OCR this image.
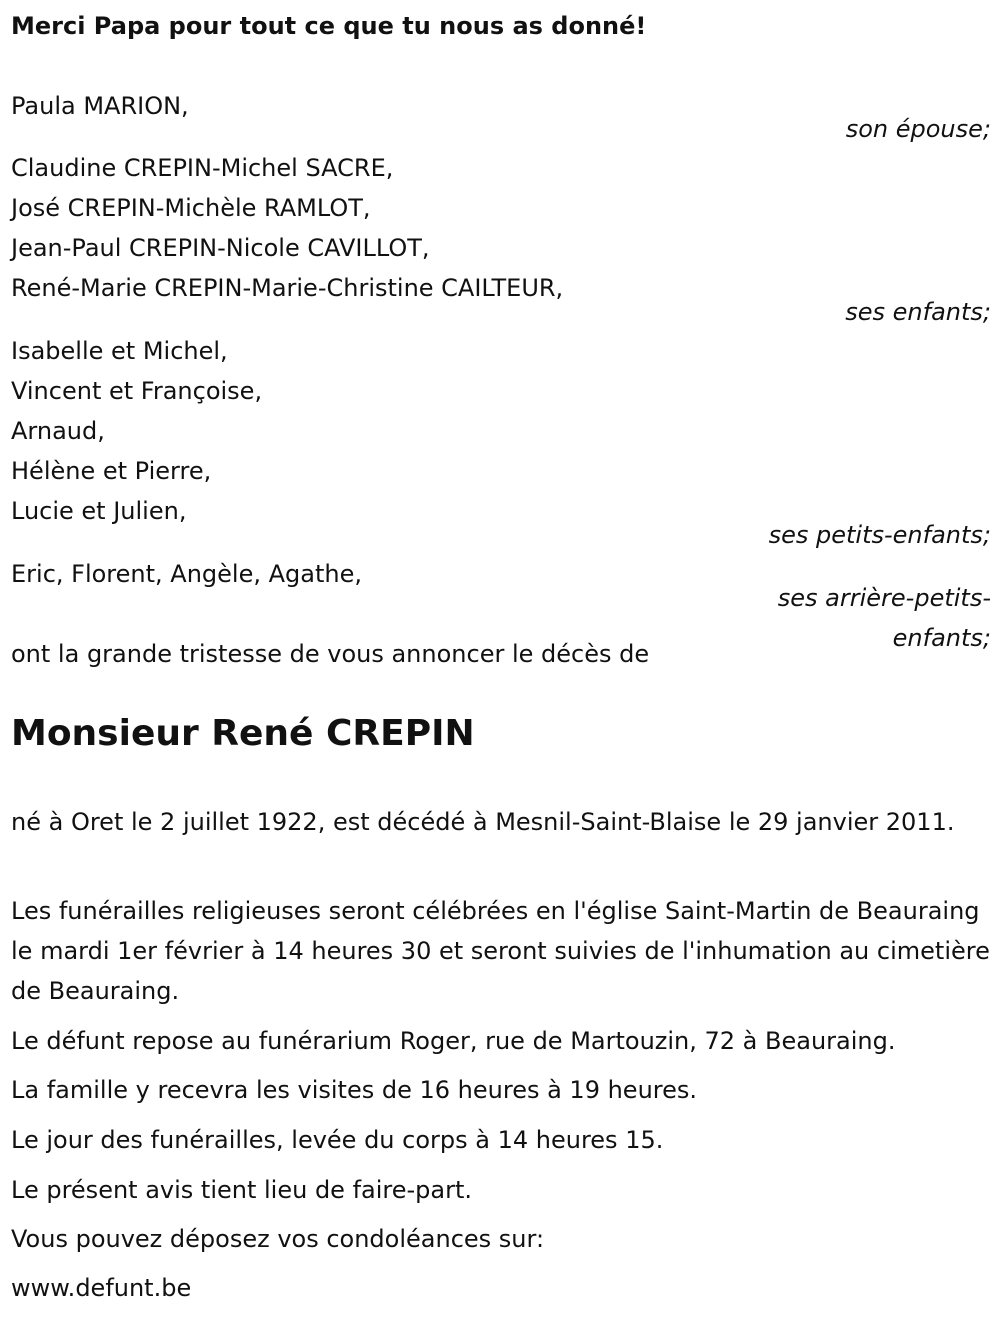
Merci Papa pour tout ce que tu nous as donné!
Paula MARION,
son épouse;
Claudine CREPIN-Michel SACRE,
José CREPIN-Michèle RAMLOT,
Jean-Paul CREPIN-Nicole CAVILLOT,
René-Marie CREPIN-Marie-Christine CAILTEUR,
ses enfants;
Isabelle et Michel,
Vincent et Françoise,
Arnaud,
Hélène et Pierre,
Lucie et Julien,
ses petits-enfants;
Eric, Florent, Angèle, Agathe,
ses arrière-petits-enfants;
ont la grande tristesse de vous annoncer le décès de
Monsieur René CREPIN
né à Oret le 2 juillet 1922, est décédé à Mesnil-Saint-Blaise le 29 janvier 2011.
Les funérailles religieuses seront célébrées en l'église Saint-Martin de Beauraing le mardi 1er février à 14 heures 30 et seront suivies de l'inhumation au cimetière de Beauraing.
Le défunt repose au funérarium Roger, rue de Martouzin, 72 à Beauraing.
La famille y recevra les visites de 16 heures à 19 heures.
Le jour des funérailles, levée du corps à 14 heures 15.
Le présent avis tient lieu de faire-part.
Vous pouvez déposez vos condoléances sur:
www.defunt.be
